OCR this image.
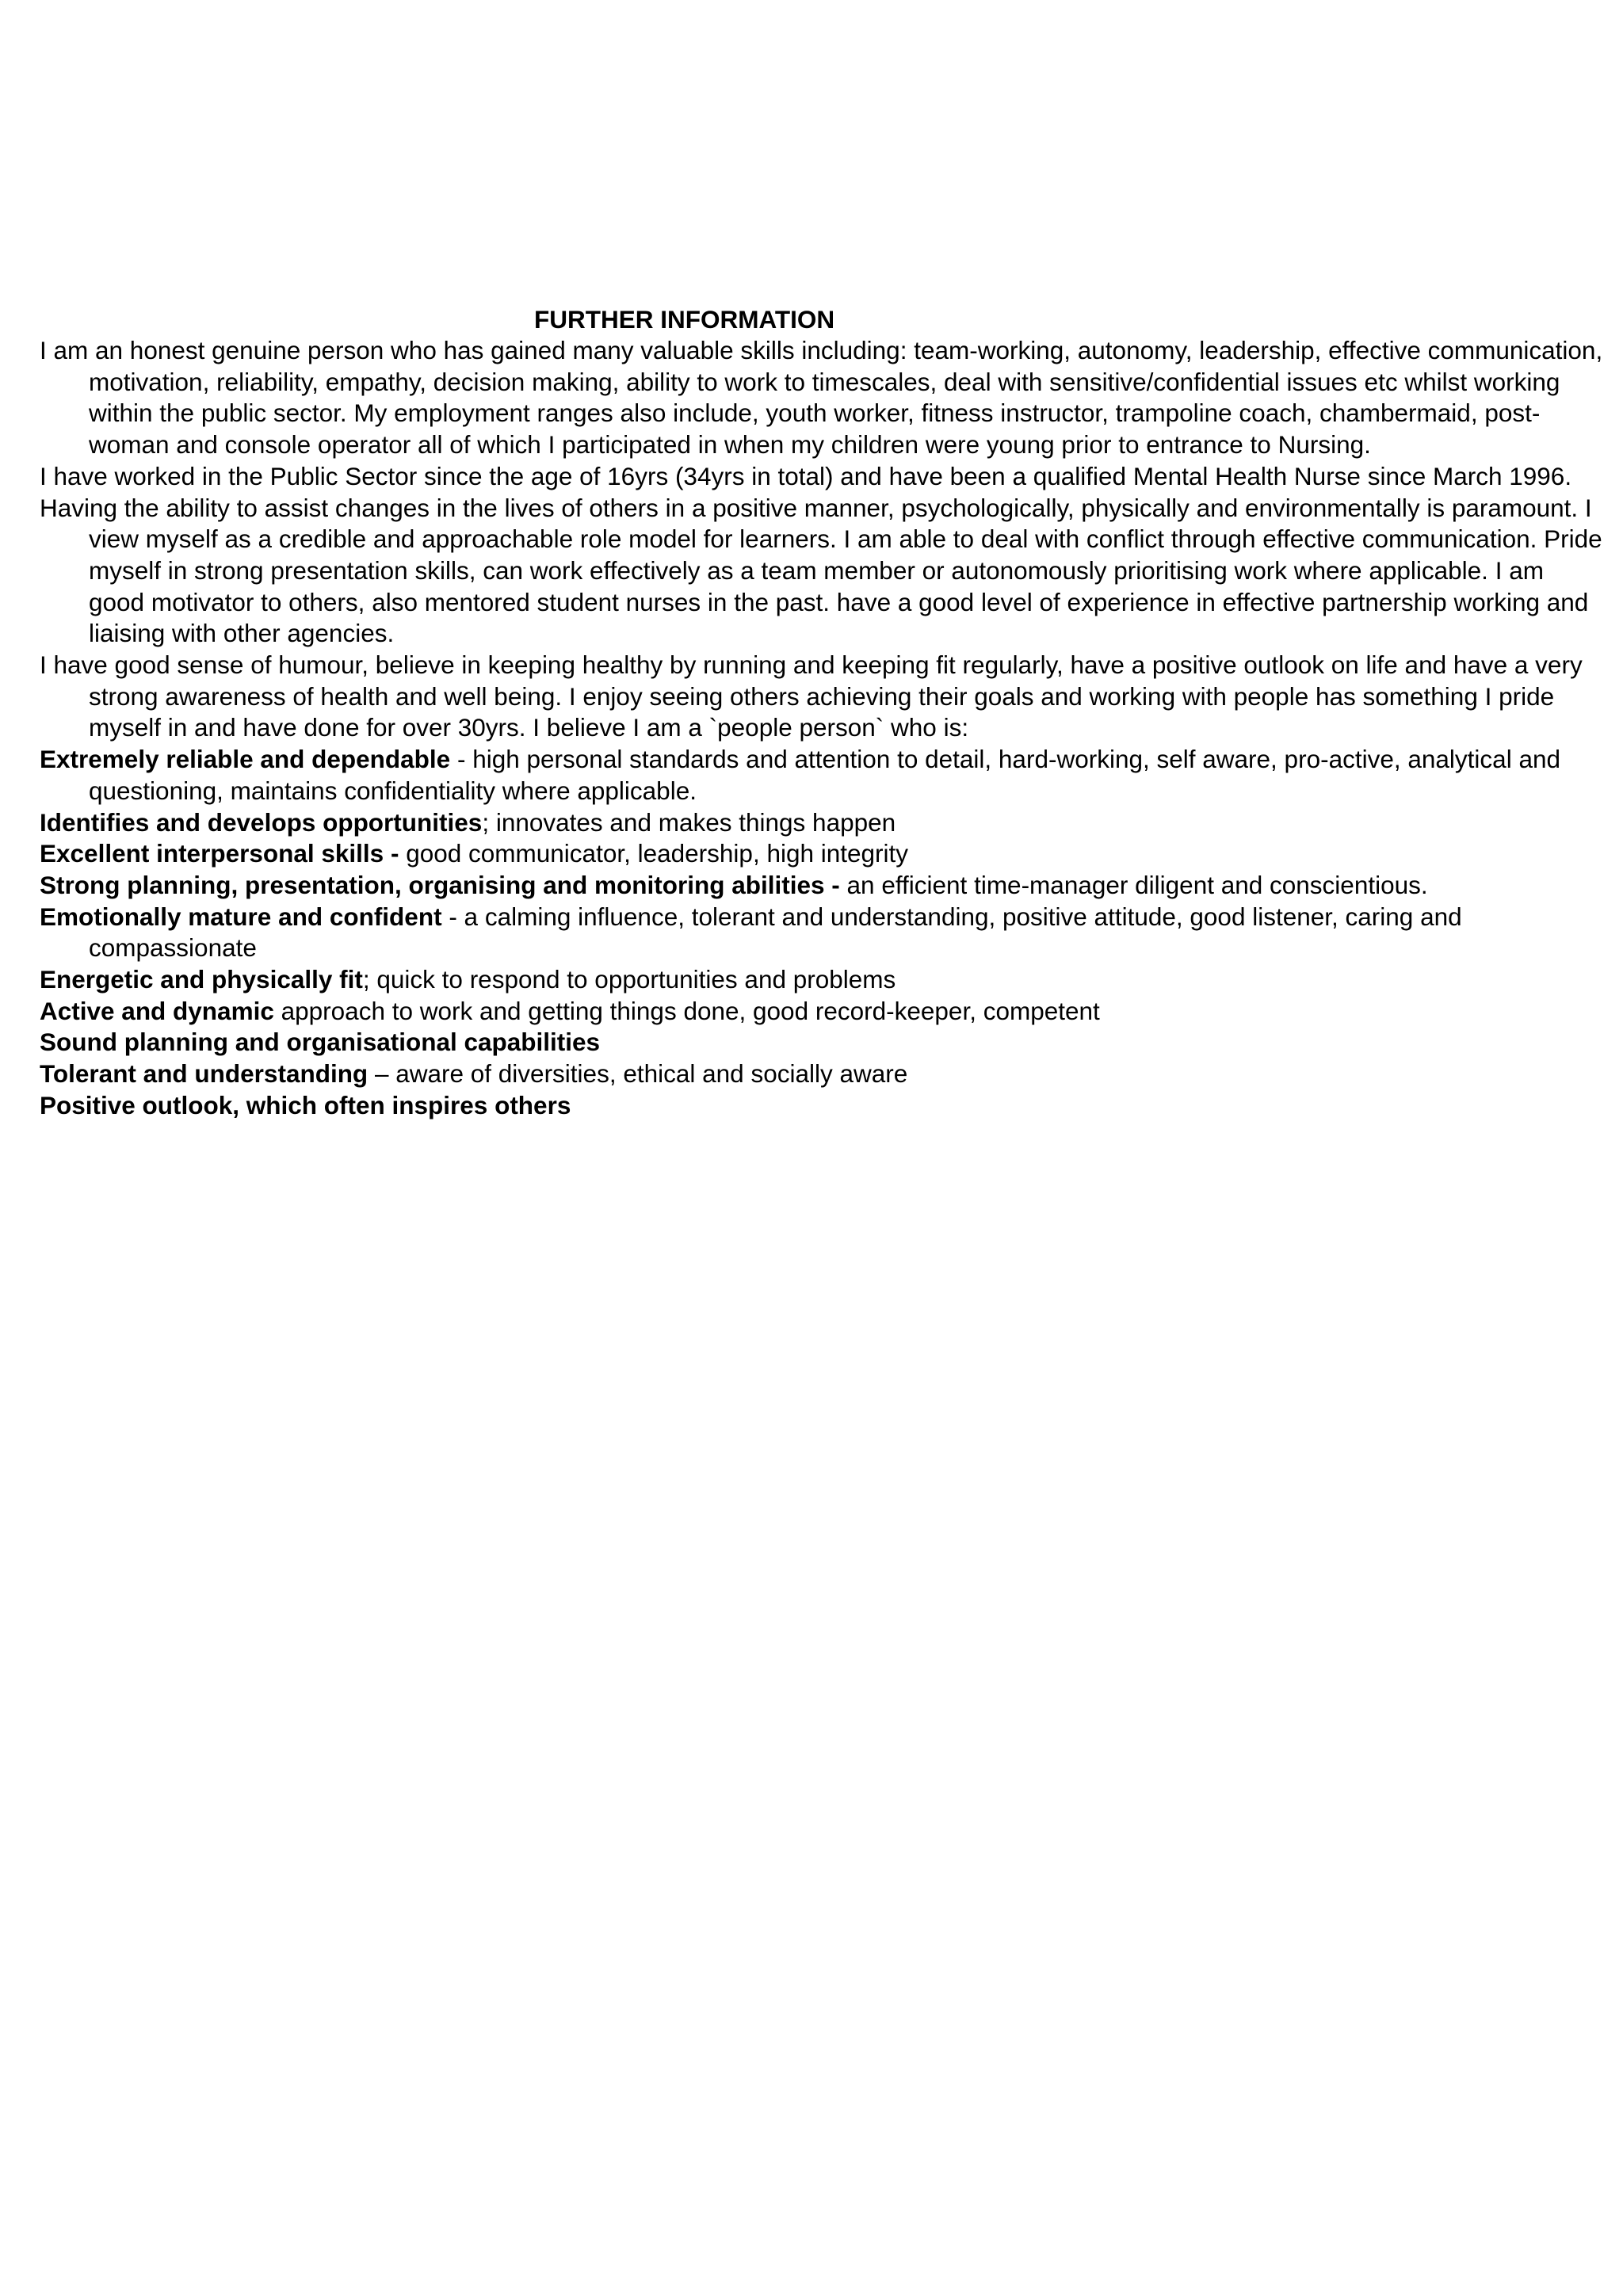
FURTHER INFORMATION

I am an honest genuine person who has gained many valuable skills including: team-working, autonomy, leadership, effective communication, motivation, reliability, empathy, decision making, ability to work to timescales, deal with sensitive/confidential issues etc whilst working within the public sector. My employment ranges also include, youth worker, fitness instructor, trampoline coach, chambermaid, post-woman and console operator all of which I participated in when my children were young prior to entrance to Nursing.

I have worked in the Public Sector since the age of 16yrs (34yrs in total) and have been a qualified Mental Health Nurse since March 1996.

Having the ability to assist changes in the lives of others in a positive manner, psychologically, physically and environmentally is paramount. I view myself as a credible and approachable role model for learners. I am able to deal with conflict through effective communication. Pride myself in strong presentation skills, can work effectively as a team member or autonomously prioritising work where applicable. I am good motivator to others, also mentored student nurses in the past. have a good level of experience in effective partnership working and liaising with other agencies.

I have good sense of humour, believe in keeping healthy by running and keeping fit regularly, have a positive outlook on life and have a very strong awareness of health and well being. I enjoy seeing others achieving their goals and working with people has something I pride myself in and have done for over 30yrs. I believe I am a `people person` who is:

Extremely reliable and dependable - high personal standards and attention to detail, hard-working, self aware, pro-active, analytical and questioning, maintains confidentiality where applicable.

Identifies and develops opportunities; innovates and makes things happen

Excellent interpersonal skills - good communicator, leadership, high integrity

Strong planning, presentation, organising and monitoring abilities - an efficient time-manager diligent and conscientious.

Emotionally mature and confident - a calming influence, tolerant and understanding, positive attitude, good listener, caring and compassionate

Energetic and physically fit; quick to respond to opportunities and problems

Active and dynamic approach to work and getting things done, good record-keeper, competent

Sound planning and organisational capabilities

Tolerant and understanding – aware of diversities, ethical and socially aware

Positive outlook, which often inspires others
